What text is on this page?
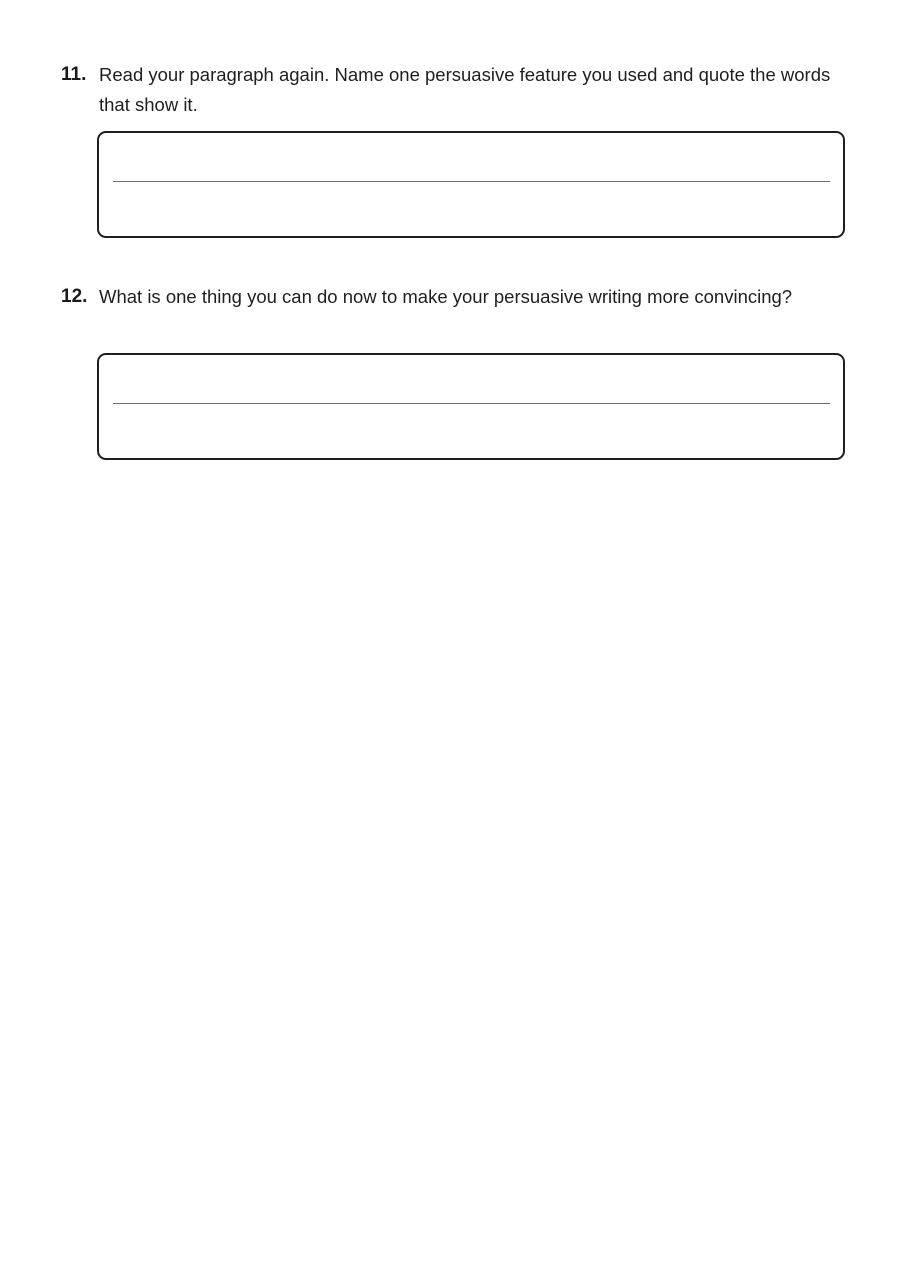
11. Read your paragraph again. Name one persuasive feature you used and quote the words that show it.
12. What is one thing you can do now to make your persuasive writing more convincing?
